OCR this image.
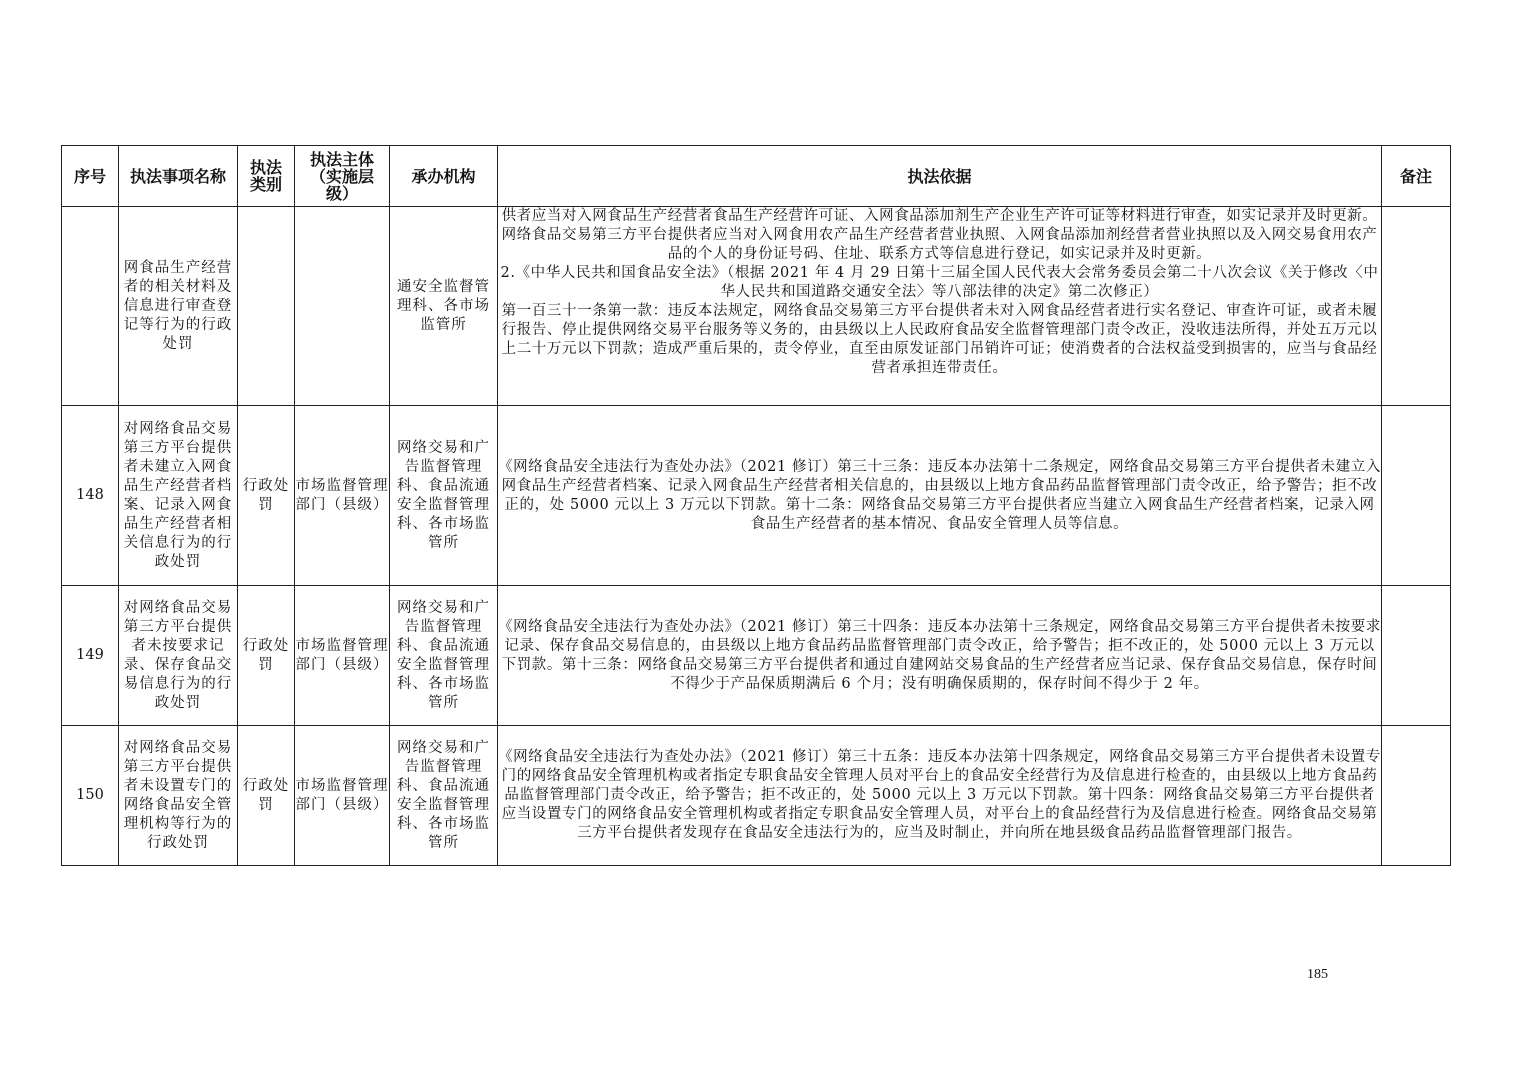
序号	执法事项名称	执法类别	执法主体（实施层级）	承办机构	执法依据	备注
	网食品生产经营者的相关材料及信息进行审查登记等行为的行政处罚			通安全监督管理科、各市场监管所	供者应当对入网食品生产经营者食品生产经营许可证、入网食品添加剂生产企业生产许可证等材料进行审查，如实记录并及时更新。网络食品交易第三方平台提供者应当对入网食用农产品生产经营者营业执照、入网食品添加剂经营者营业执照以及入网交易食用农产品的个人的身份证号码、住址、联系方式等信息进行登记，如实记录并及时更新。
2.《中华人民共和国食品安全法》（根据 2021 年 4 月 29 日第十三届全国人民代表大会常务委员会第二十八次会议《关于修改〈中华人民共和国道路交通安全法〉等八部法律的决定》第二次修正）
第一百三十一条第一款：违反本法规定，网络食品交易第三方平台提供者未对入网食品经营者进行实名登记、审查许可证，或者未履行报告、停止提供网络交易平台服务等义务的，由县级以上人民政府食品安全监督管理部门责令改正，没收违法所得，并处五万元以上二十万元以下罚款；造成严重后果的，责令停业，直至由原发证部门吊销许可证；使消费者的合法权益受到损害的，应当与食品经营者承担连带责任。	

148	对网络食品交易第三方平台提供者未建立入网食品生产经营者档案、记录入网食品生产经营者相关信息行为的行政处罚	行政处罚	市场监督管理部门（县级）	网络交易和广告监督管理科、食品流通安全监督管理科、各市场监管所	《网络食品安全违法行为查处办法》（2021 修订）第三十三条：违反本办法第十二条规定，网络食品交易第三方平台提供者未建立入网食品生产经营者档案、记录入网食品生产经营者相关信息的，由县级以上地方食品药品监督管理部门责令改正，给予警告；拒不改正的，处 5000 元以上 3 万元以下罚款。第十二条：网络食品交易第三方平台提供者应当建立入网食品生产经营者档案，记录入网食品生产经营者的基本情况、食品安全管理人员等信息。	

149	对网络食品交易第三方平台提供者未按要求记录、保存食品交易信息行为的行政处罚	行政处罚	市场监督管理部门（县级）	网络交易和广告监督管理科、食品流通安全监督管理科、各市场监管所	《网络食品安全违法行为查处办法》（2021 修订）第三十四条：违反本办法第十三条规定，网络食品交易第三方平台提供者未按要求记录、保存食品交易信息的，由县级以上地方食品药品监督管理部门责令改正，给予警告；拒不改正的，处 5000 元以上 3 万元以下罚款。第十三条：网络食品交易第三方平台提供者和通过自建网站交易食品的生产经营者应当记录、保存食品交易信息，保存时间不得少于产品保质期满后 6 个月；没有明确保质期的，保存时间不得少于 2 年。	

150	对网络食品交易第三方平台提供者未设置专门的网络食品安全管理机构等行为的行政处罚	行政处罚	市场监督管理部门（县级）	网络交易和广告监督管理科、食品流通安全监督管理科、各市场监管所	《网络食品安全违法行为查处办法》（2021 修订）第三十五条：违反本办法第十四条规定，网络食品交易第三方平台提供者未设置专门的网络食品安全管理机构或者指定专职食品安全管理人员对平台上的食品安全经营行为及信息进行检查的，由县级以上地方食品药品监督管理部门责令改正，给予警告；拒不改正的，处 5000 元以上 3 万元以下罚款。第十四条：网络食品交易第三方平台提供者应当设置专门的网络食品安全管理机构或者指定专职食品安全管理人员，对平台上的食品经营行为及信息进行检查。网络食品交易第三方平台提供者发现存在食品安全违法行为的，应当及时制止，并向所在地县级食品药品监督管理部门报告。	

185
